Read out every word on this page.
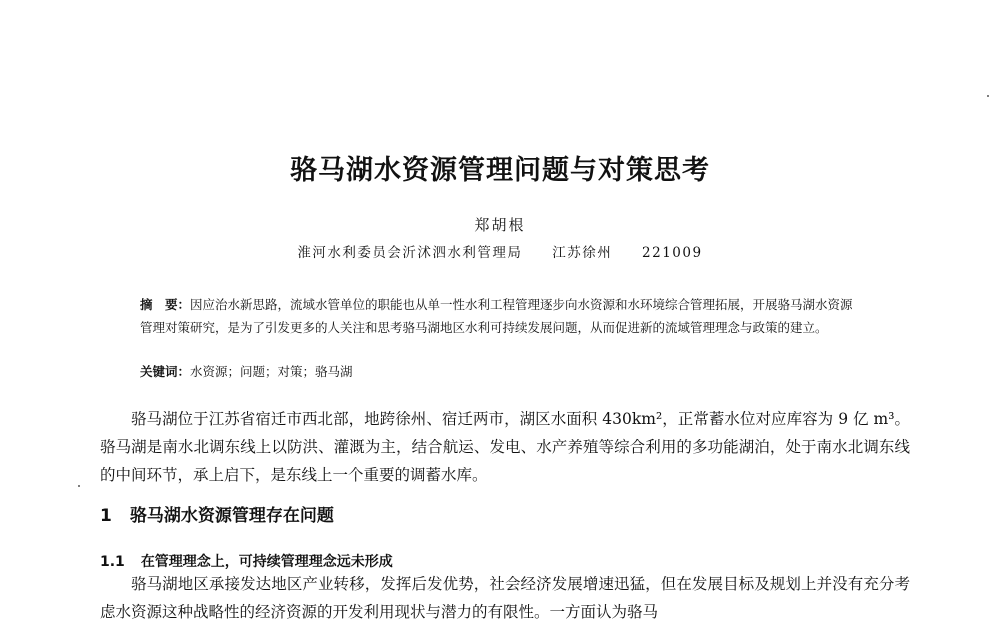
骆马湖水资源管理问题与对策思考
郑胡根
淮河水利委员会沂沭泗水利管理局 江苏徐州 221009
摘　要：因应治水新思路，流域水管单位的职能也从单一性水利工程管理逐步向水资源和水环境综合管理拓展，开展骆马湖水资源管理对策研究，是为了引发更多的人关注和思考骆马湖地区水利可持续发展问题，从而促进新的流域管理理念与政策的建立。
关键词：水资源；问题；对策；骆马湖
骆马湖位于江苏省宿迁市西北部，地跨徐州、宿迁两市，湖区水面积 430km²，正常蓄水位对应库容为 9 亿 m³。骆马湖是南水北调东线上以防洪、灌溉为主，结合航运、发电、水产养殖等综合利用的多功能湖泊，处于南水北调东线的中间环节，承上启下，是东线上一个重要的调蓄水库。
1 骆马湖水资源管理存在问题
1.1 在管理理念上，可持续管理理念远未形成
骆马湖地区承接发达地区产业转移，发挥后发优势，社会经济发展增速迅猛，但在发展目标及规划上并没有充分考虑水资源这种战略性的经济资源的开发利用现状与潜力的有限性。一方面认为骆马
